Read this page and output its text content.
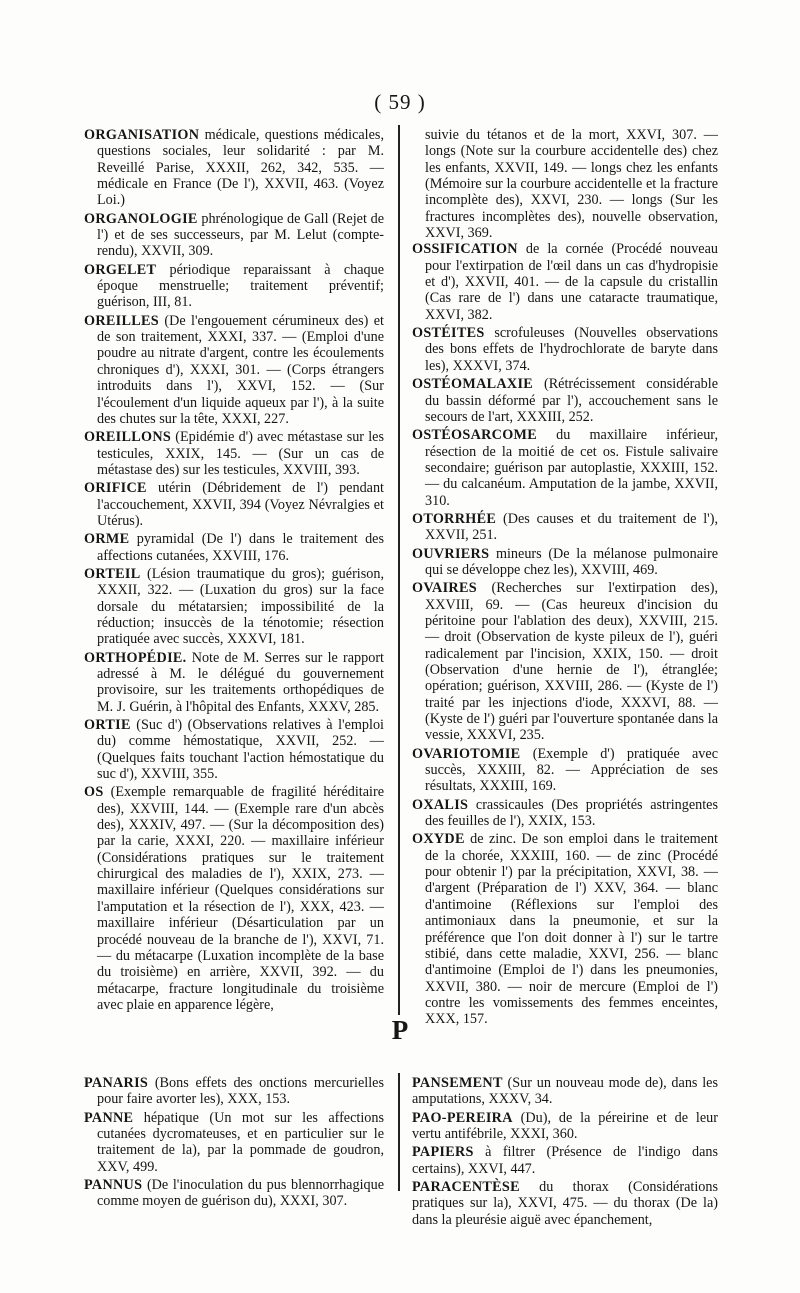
( 59 )

ORGANISATION médicale, questions médicales, questions sociales, leur solidarité : par M. Reveillé Parise, XXXII, 262, 342, 535. — médicale en France (De l'), XXVII, 463. (Voyez Loi.)

ORGANOLOGIE phrénologique de Gall (Rejet de l') et de ses successeurs, par M. Lelut (compte-rendu), XXVII, 309.

ORGELET périodique reparaissant à chaque époque menstruelle; traitement préventif; guérison, III, 81.

OREILLES (De l'engouement cérumineux des) et de son traitement, XXXI, 337. — (Emploi d'une poudre au nitrate d'argent, contre les écoulements chroniques d'), XXXI, 301. — (Corps étrangers introduits dans l'), XXVI, 152. — (Sur l'écoulement d'un liquide aqueux par l'), à la suite des chutes sur la tête, XXXI, 227.

OREILLONS (Epidémie d') avec métastase sur les testicules, XXIX, 145. — (Sur un cas de métastase des) sur les testicules, XXVIII, 393.

ORIFICE utérin (Débridement de l') pendant l'accouchement, XXVII, 394 (Voyez Névralgies et Utérus).

ORME pyramidal (De l') dans le traitement des affections cutanées, XXVIII, 176.

ORTEIL (Lésion traumatique du gros); guérison, XXXII, 322. — (Luxation du gros) sur la face dorsale du métatarsien; impossibilité de la réduction; insuccès de la ténotomie; résection pratiquée avec succès, XXXVI, 181.

ORTHOPÉDIE. Note de M. Serres sur le rapport adressé à M. le délégué du gouvernement provisoire, sur les traitements orthopédiques de M. J. Guérin, à l'hôpital des Enfants, XXXV, 285.

ORTIE (Suc d') (Observations relatives à l'emploi du) comme hémostatique, XXVII, 252. — (Quelques faits touchant l'action hémostatique du suc d'), XXVIII, 355.

OS (Exemple remarquable de fragilité héréditaire des), XXVIII, 144. — (Exemple rare d'un abcès des), XXXIV, 497. — (Sur la décomposition des) par la carie, XXXI, 220. — maxillaire inférieur (Considérations pratiques sur le traitement chirurgical des maladies de l'), XXIX, 273. — maxillaire inférieur (Quelques considérations sur l'amputation et la résection de l'), XXX, 423. — maxillaire inférieur (Désarticulation par un procédé nouveau de la branche de l'), XXVI, 71. — du métacarpe (Luxation incomplète de la base du troisième) en arrière, XXVII, 392. — du métacarpe, fracture longitudinale du troisième avec plaie en apparence légère,

suivie du tétanos et de la mort, XXVI, 307. — longs (Note sur la courbure accidentelle des) chez les enfants, XXVII, 149. — longs chez les enfants (Mémoire sur la courbure accidentelle et la fracture incomplète des), XXVI, 230. — longs (Sur les fractures incomplètes des), nouvelle observation, XXVI, 369.

OSSIFICATION de la cornée (Procédé nouveau pour l'extirpation de l'œil dans un cas d'hydropisie et d'), XXVII, 401. — de la capsule du cristallin (Cas rare de l') dans une cataracte traumatique, XXVI, 382.

OSTÉITES scrofuleuses (Nouvelles observations des bons effets de l'hydrochlorate de baryte dans les), XXXVI, 374.

OSTÉOMALAXIE (Rétrécissement considérable du bassin déformé par l'), accouchement sans le secours de l'art, XXXIII, 252.

OSTÉOSARCOME du maxillaire inférieur, résection de la moitié de cet os. Fistule salivaire secondaire; guérison par autoplastie, XXXIII, 152. — du calcanéum. Amputation de la jambe, XXVII, 310.

OTORRHÉE (Des causes et du traitement de l'), XXVII, 251.

OUVRIERS mineurs (De la mélanose pulmonaire qui se développe chez les), XXVIII, 469.

OVAIRES (Recherches sur l'extirpation des), XXVIII, 69. — (Cas heureux d'incision du péritoine pour l'ablation des deux), XXVIII, 215. — droit (Observation de kyste pileux de l'), guéri radicalement par l'incision, XXIX, 150. — droit (Observation d'une hernie de l'), étranglée; opération; guérison, XXVIII, 286. — (Kyste de l') traité par les injections d'iode, XXXVI, 88. — (Kyste de l') guéri par l'ouverture spontanée dans la vessie, XXXVI, 235.

OVARIOTOMIE (Exemple d') pratiquée avec succès, XXXIII, 82. — Appréciation de ses résultats, XXXIII, 169.

OXALIS crassicaules (Des propriétés astringentes des feuilles de l'), XXIX, 153.

OXYDE de zinc. De son emploi dans le traitement de la chorée, XXXIII, 160. — de zinc (Procédé pour obtenir l') par la précipitation, XXVI, 38. — d'argent (Préparation de l') XXV, 364. — blanc d'antimoine (Réflexions sur l'emploi des antimoniaux dans la pneumonie, et sur la préférence que l'on doit donner à l') sur le tartre stibié, dans cette maladie, XXVI, 256. — blanc d'antimoine (Emploi de l') dans les pneumonies, XXVII, 380. — noir de mercure (Emploi de l') contre les vomissements des femmes enceintes, XXX, 157.

P

PANARIS (Bons effets des onctions mercurielles pour faire avorter les), XXX, 153.

PANNE hépatique (Un mot sur les affections cutanées dycromateuses, et en particulier sur le traitement de la), par la pommade de goudron, XXV, 499.

PANNUS (De l'inoculation du pus blennorrhagique comme moyen de guérison du), XXXI, 307.

PANSEMENT (Sur un nouveau mode de), dans les amputations, XXXV, 34.

PAO-PEREIRA (Du), de la péreirine et de leur vertu antifébrile, XXXI, 360.

PAPIERS à filtrer (Présence de l'indigo dans certains), XXVI, 447.

PARACENTÈSE du thorax (Considérations pratiques sur la), XXVI, 475. — du thorax (De la) dans la pleurésie aiguë avec épanchement,
